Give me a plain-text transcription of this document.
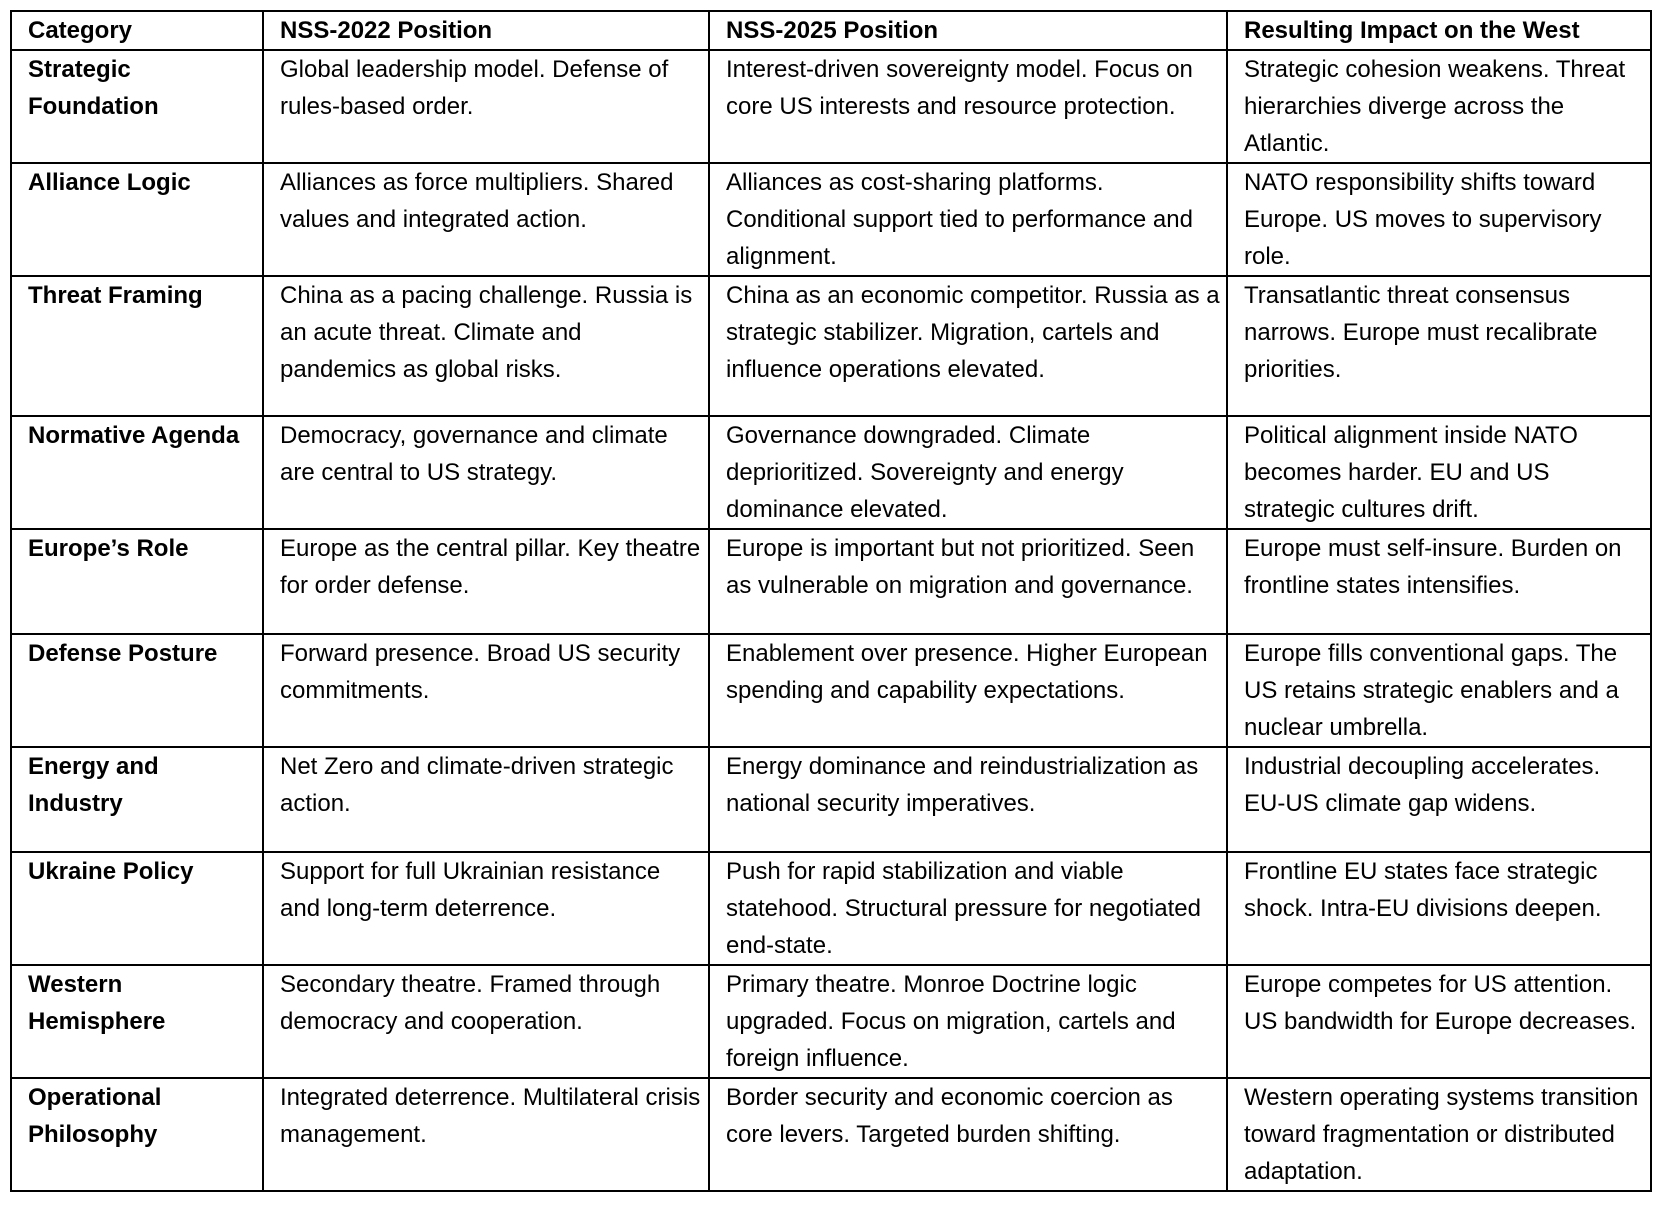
Category	NSS-2022 Position	NSS-2025 Position	Resulting Impact on the West
Strategic Foundation	Global leadership model. Defense of rules-based order.	Interest-driven sovereignty model. Focus on core US interests and resource protection.	Strategic cohesion weakens. Threat hierarchies diverge across the Atlantic.
Alliance Logic	Alliances as force multipliers. Shared values and integrated action.	Alliances as cost-sharing platforms. Conditional support tied to performance and alignment.	NATO responsibility shifts toward Europe. US moves to supervisory role.
Threat Framing	China as a pacing challenge. Russia is an acute threat. Climate and pandemics as global risks.	China as an economic competitor. Russia as a strategic stabilizer. Migration, cartels and influence operations elevated.	Transatlantic threat consensus narrows. Europe must recalibrate priorities.
Normative Agenda	Democracy, governance and climate are central to US strategy.	Governance downgraded. Climate deprioritized. Sovereignty and energy dominance elevated.	Political alignment inside NATO becomes harder. EU and US strategic cultures drift.
Europe’s Role	Europe as the central pillar. Key theatre for order defense.	Europe is important but not prioritized. Seen as vulnerable on migration and governance.	Europe must self-insure. Burden on frontline states intensifies.
Defense Posture	Forward presence. Broad US security commitments.	Enablement over presence. Higher European spending and capability expectations.	Europe fills conventional gaps. The US retains strategic enablers and a nuclear umbrella.
Energy and Industry	Net Zero and climate-driven strategic action.	Energy dominance and reindustrialization as national security imperatives.	Industrial decoupling accelerates. EU-US climate gap widens.
Ukraine Policy	Support for full Ukrainian resistance and long-term deterrence.	Push for rapid stabilization and viable statehood. Structural pressure for negotiated end-state.	Frontline EU states face strategic shock. Intra-EU divisions deepen.
Western Hemisphere	Secondary theatre. Framed through democracy and cooperation.	Primary theatre. Monroe Doctrine logic upgraded. Focus on migration, cartels and foreign influence.	Europe competes for US attention. US bandwidth for Europe decreases.
Operational Philosophy	Integrated deterrence. Multilateral crisis management.	Border security and economic coercion as core levers. Targeted burden shifting.	Western operating systems transition toward fragmentation or distributed adaptation.
